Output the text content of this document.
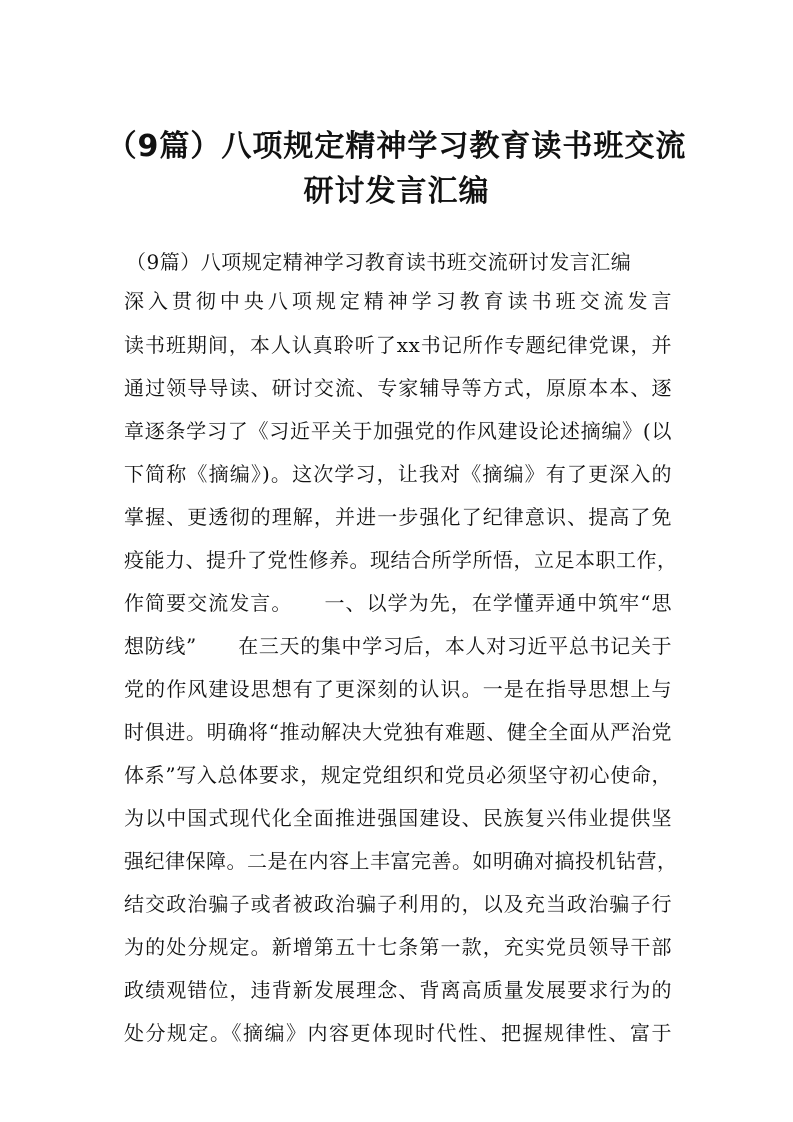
（9篇）八项规定精神学习教育读书班交流
研讨发言汇编
（9篇）八项规定精神学习教育读书班交流研讨发言汇编
深入贯彻中央八项规定精神学习教育读书班交流发言
读书班期间，本人认真聆听了xx书记所作专题纪律党课，并
通过领导导读、研讨交流、专家辅导等方式，原原本本、逐
章逐条学习了《习近平关于加强党的作风建设论述摘编》(以
下简称《摘编》)。这次学习，让我对《摘编》有了更深入的
掌握、更透彻的理解，并进一步强化了纪律意识、提高了免
疫能力、提升了党性修养。现结合所学所悟，立足本职工作，
作简要交流发言。　　一、以学为先，在学懂弄通中筑牢“思
想防线”　　在三天的集中学习后，本人对习近平总书记关于
党的作风建设思想有了更深刻的认识。一是在指导思想上与
时俱进。明确将“推动解决大党独有难题、健全全面从严治党
体系”写入总体要求，规定党组织和党员必须坚守初心使命，
为以中国式现代化全面推进强国建设、民族复兴伟业提供坚
强纪律保障。二是在内容上丰富完善。如明确对搞投机钻营，
结交政治骗子或者被政治骗子利用的，以及充当政治骗子行
为的处分规定。新增第五十七条第一款，充实党员领导干部
政绩观错位，违背新发展理念、背离高质量发展要求行为的
处分规定。《摘编》内容更体现时代性、把握规律性、富于
